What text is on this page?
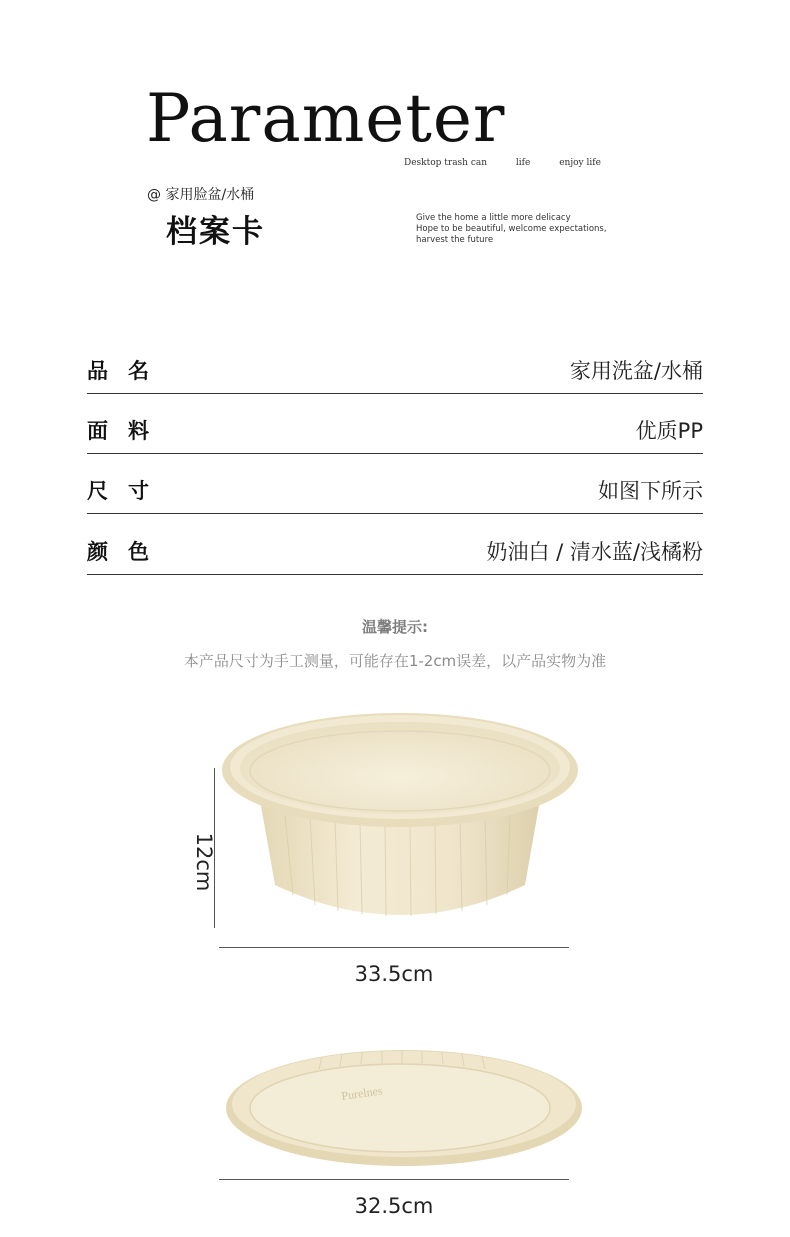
Parameter
Desktop trash can	life	enjoy life
@ 家用脸盆/水桶
档案卡	Give the home a little more delicacy
Hope to be beautiful, welcome expectations,
harvest the future
品名	家用洗盆/水桶
面料	优质PP
尺寸	如图下所示
颜色	奶油白 / 清水蓝/浅橘粉
温馨提示:
本产品尺寸为手工测量，可能存在1-2cm误差，以产品实物为准
12cm
33.5cm
Purelnes
32.5cm
